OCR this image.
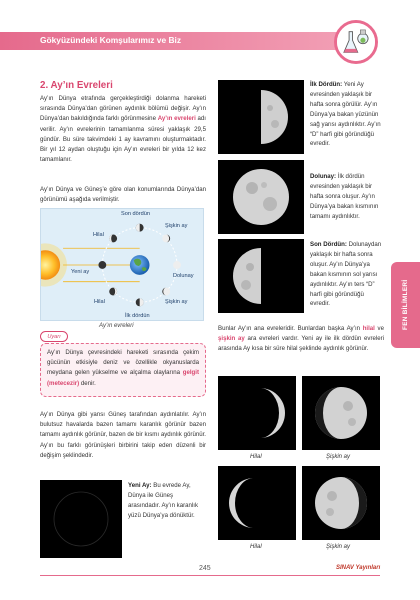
Gökyüzündeki Komşularımız ve Biz
FEN BİLİMLERİ
2. Ay’ın Evreleri
Ay’ın Dünya etrafında gerçekleştirdiği dolanma hareketi sırasında Dünya’dan görünen aydınlık bölümü değişir. Ay’ın Dünya’dan bakıldığında farklı görünmesine Ay’ın evreleri adı verilir. Ay’ın evrelerinin tamamlanma süresi yaklaşık 29,5 gündür. Bu süre takvimdeki 1 ay kavramını oluşturmaktadır. Bir yıl 12 aydan oluştuğu için Ay’ın evreleri bir yılda 12 kez tamamlanır.
Ay’ın Dünya ve Güneş’e göre olan konumlarında Dünya’dan görünümü aşağıda verilmiştir.
Son dördün
Şişkin ay
Hilal
Yeni ay
Dolunay
Hilal	Şişkin ay
İlk dördün
Ay’ın evreleri
Uyarı
Ay’ın Dünya çevresindeki hareketi sırasında çekim gücünün etkisiyle deniz ve özellikle okyanuslarda meydana gelen yükselme ve alçalma olaylarına gelgit (metecezir) denir.
Ay’ın Dünya gibi yansı Güneş tarafından aydınlatılır. Ay’ın bulutsuz havalarda bazen tamamı karanlık görünür bazen tamamı aydınlık görünür, bazen de bir kısmı aydınlık görünür. Ay’ın bu farklı görünüşleri birbirini takip eden düzenli bir değişim şeklindedir.
Yeni Ay: Bu evrede Ay, Dünya ile Güneş arasındadır. Ay’ın karanlık yüzü Dünya’ya dönüktür.
İlk Dördün: Yeni Ay evresinden yaklaşık bir hafta sonra görülür. Ay’ın Dünya’ya bakan yüzünün sağ yarısı aydınlıktır. Ay’ın “D” harfi gibi göründüğü evredir.
Dolunay: İlk dördün evresinden yaklaşık bir hafta sonra oluşur. Ay’ın Dünya’ya bakan kısmının tamamı aydınlıktır.
Son Dördün: Dolunaydan yaklaşık bir hafta sonra oluşur. Ay’ın Dünya’ya bakan kısmının sol yarısı aydınlıktır. Ay’ın ters “D” harfi gibi göründüğü evredir.
Bunlar Ay’ın ana evreleridir. Bunlardan başka Ay’ın hilal ve şişkin ay ara evreleri vardır. Yeni ay ile ilk dördün evreleri arasında Ay kısa bir süre hilal şeklinde aydınlık görünür.
Hilal	Şişkin ay
Hilal	Şişkin ay
245	SINAV Yayınları
